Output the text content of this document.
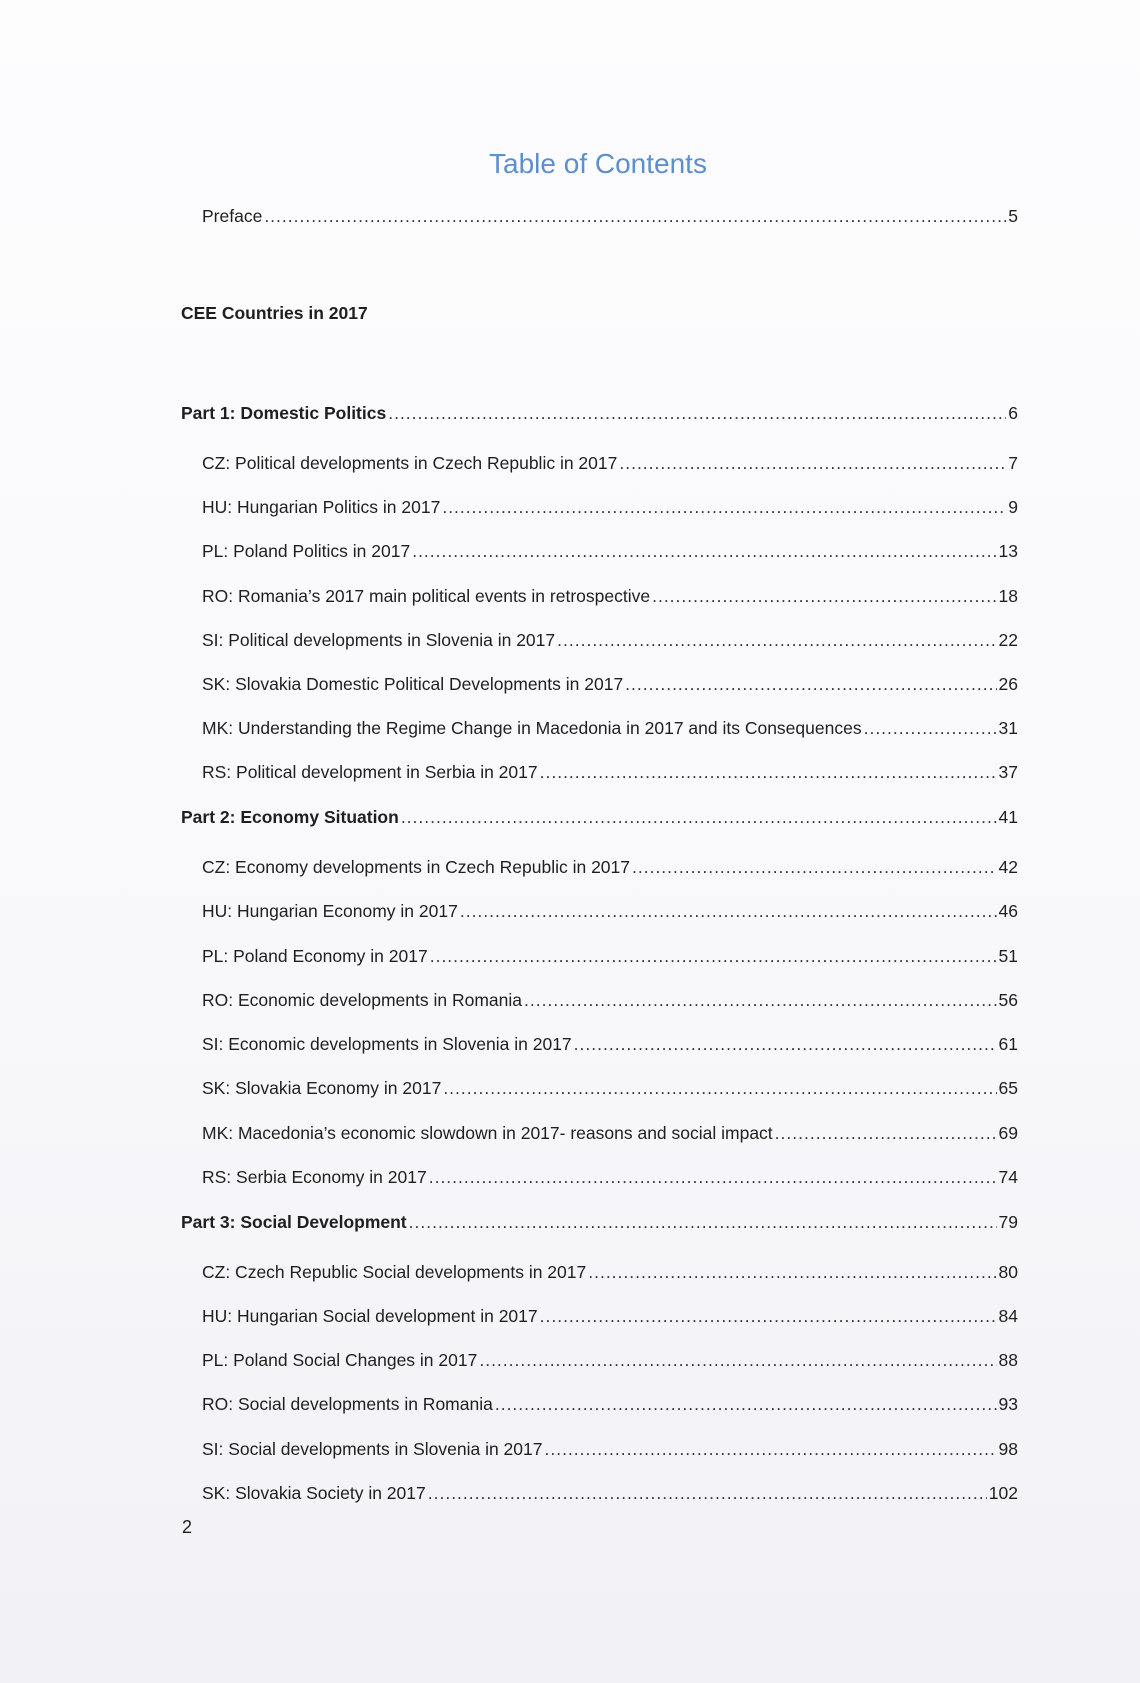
Table of Contents
Preface .....	5
CEE Countries in 2017
Part 1: Domestic Politics .....	6
CZ: Political developments in Czech Republic in 2017 .....	7
HU: Hungarian Politics in 2017 .....	9
PL: Poland Politics in 2017 .....	13
RO: Romania’s 2017 main political events in retrospective .....	18
SI: Political developments in Slovenia in 2017 .....	22
SK: Slovakia Domestic Political Developments in 2017 .....	26
MK: Understanding the Regime Change in Macedonia in 2017 and its Consequences .....	31
RS: Political development in Serbia in 2017 .....	37
Part 2: Economy Situation .....	41
CZ: Economy developments in Czech Republic in 2017 .....	42
HU: Hungarian Economy in 2017 .....	46
PL: Poland Economy in 2017 .....	51
RO: Economic developments in Romania .....	56
SI: Economic developments in Slovenia in 2017 .....	61
SK: Slovakia Economy in 2017 .....	65
MK: Macedonia’s economic slowdown in 2017- reasons and social impact .....	69
RS: Serbia Economy in 2017 .....	74
Part 3: Social Development .....	79
CZ: Czech Republic Social developments in 2017 .....	80
HU: Hungarian Social development in 2017 .....	84
PL: Poland Social Changes in 2017 .....	88
RO: Social developments in Romania .....	93
SI: Social developments in Slovenia in 2017 .....	98
SK: Slovakia Society in 2017 .....	102
2
